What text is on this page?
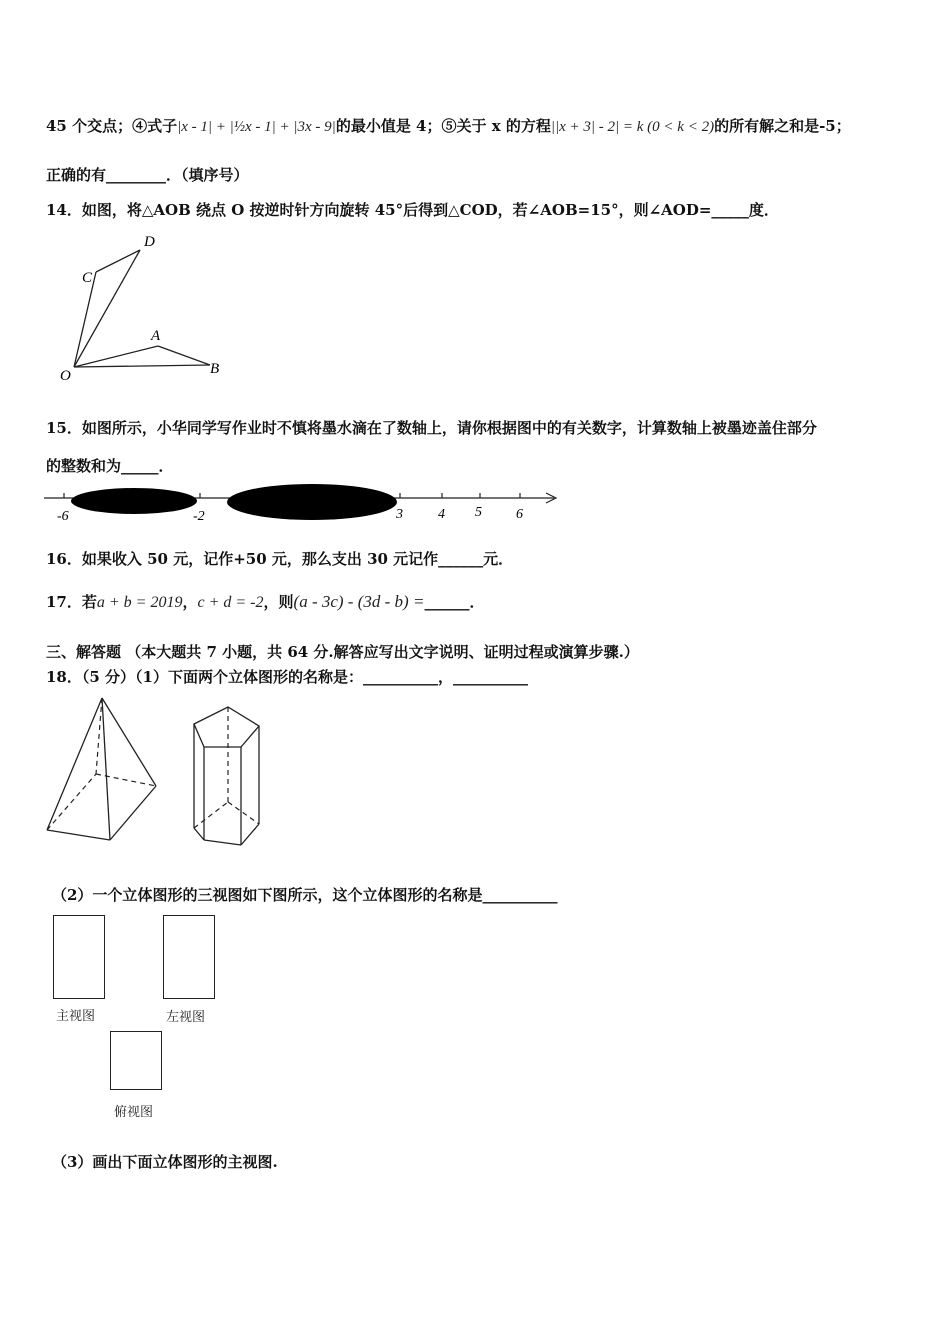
45 个交点；④式子|x - 1| + |½x - 1| + |3x - 9|的最小值是 4；⑤关于 x 的方程||x + 3| - 2| = k (0 < k < 2)的所有解之和是-5；
正确的有________．（填序号）
14．如图，将△AOB 绕点 O 按逆时针方向旋转 45°后得到△COD，若∠AOB=15°，则∠AOD=_____度．
D
C
A
O	B
15．如图所示，小华同学写作业时不慎将墨水滴在了数轴上，请你根据图中的有关数字，计算数轴上被墨迹盖住部分
的整数和为_____．
-6	-2	3	4 5 6
16．如果收入 50 元，记作+50 元，那么支出 30 元记作______元．
17．若a + b = 2019，c + d = -2，则(a - 3c) - (3d - b) =______．
三、解答题 （本大题共 7 小题，共 64 分.解答应写出文字说明、证明过程或演算步骤.）
18．（5 分）（1）下面两个立体图形的名称是：__________，__________
（2）一个立体图形的三视图如下图所示，这个立体图形的名称是__________
主视图	左视图
俯视图
（3）画出下面立体图形的主视图.
